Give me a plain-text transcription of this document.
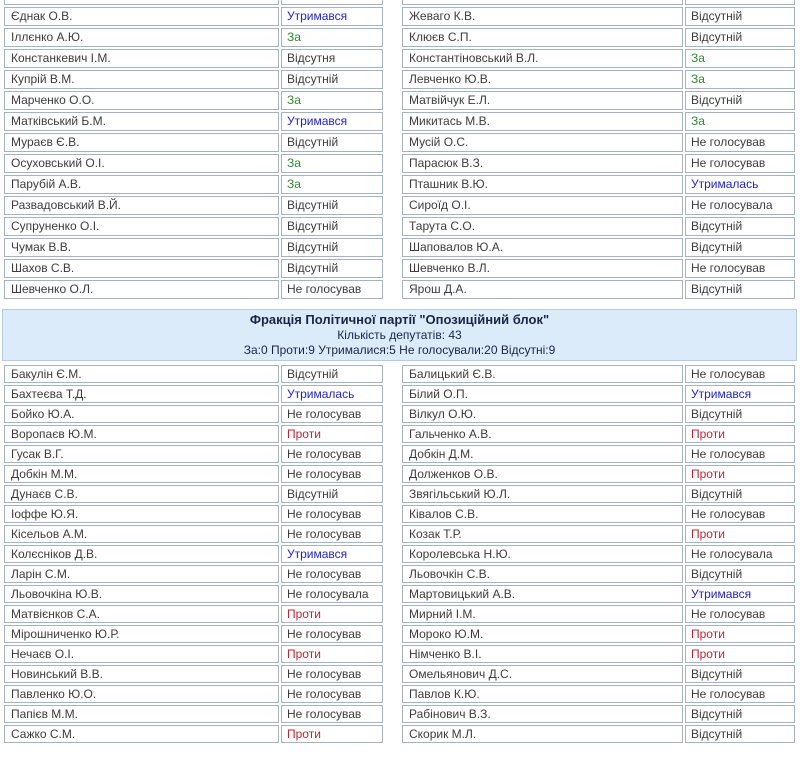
Єднак О.В.	Утримався
Іллєнко А.Ю.	За
Констанкевич І.М.	Відсутня
Купрій В.М.	Відсутній
Марченко О.О.	За
Матківський Б.М.	Утримався
Мураєв Є.В.	Відсутній
Осуховський О.І.	За
Парубій А.В.	За
Развадовський В.Й.	Відсутній
Супруненко О.І.	Відсутній
Чумак В.В.	Відсутній
Шахов С.В.	Відсутній
Шевченко О.Л.	Не голосував

Жеваго К.В.	Відсутній
Клюєв С.П.	Відсутній
Константіновський В.Л.	За
Левченко Ю.В.	За
Матвійчук Е.Л.	Відсутній
Микитась М.В.	За
Мусій О.С.	Не голосував
Парасюк В.З.	Не голосував
Пташник В.Ю.	Утрималась
Сироїд О.І.	Не голосувала
Тарута С.О.	Відсутній
Шаповалов Ю.А.	Відсутній
Шевченко В.Л.	Не голосував
Ярош Д.А.	Відсутній
Фракція Політичної партії "Опозиційний блок"
Кількість депутатів: 43
За:0 Проти:9 Утрималися:5 Не голосували:20 Відсутні:9
Бакулін Є.М.	Відсутній
Бахтеєва Т.Д.	Утрималась
Бойко Ю.А.	Не голосував
Воропаєв Ю.М.	Проти
Гусак В.Г.	Не голосував
Добкін М.М.	Не голосував
Дунаєв С.В.	Відсутній
Іоффе Ю.Я.	Не голосував
Кісельов А.М.	Не голосував
Колєсніков Д.В.	Утримався
Ларін С.М.	Не голосував
Льовочкіна Ю.В.	Не голосувала
Матвієнков С.А.	Проти
Мірошниченко Ю.Р.	Не голосував
Нечаєв О.І.	Проти
Новинський В.В.	Не голосував
Павленко Ю.О.	Не голосував
Папієв М.М.	Не голосував
Сажко С.М.	Проти
Балицький Є.В.	Не голосував
Білий О.П.	Утримався
Вілкул О.Ю.	Відсутній
Гальченко А.В.	Проти
Добкін Д.М.	Не голосував
Долженков О.В.	Проти
Звягільський Ю.Л.	Відсутній
Ківалов С.В.	Не голосував
Козак Т.Р.	Проти
Королевська Н.Ю.	Не голосувала
Льовочкін С.В.	Відсутній
Мартовицький А.В.	Утримався
Мирний І.М.	Не голосував
Мороко Ю.М.	Проти
Німченко В.І.	Проти
Омельянович Д.С.	Відсутній
Павлов К.Ю.	Не голосував
Рабінович В.З.	Відсутній
Скорик М.Л.	Відсутній
